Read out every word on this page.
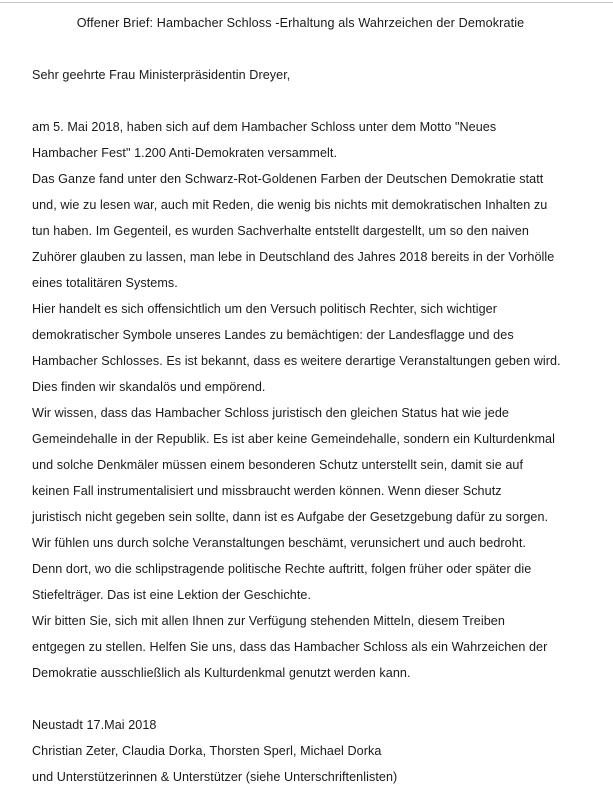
Offener Brief: Hambacher Schloss -Erhaltung als Wahrzeichen der Demokratie
Sehr geehrte Frau Ministerpräsidentin Dreyer,
am 5. Mai 2018, haben sich auf dem Hambacher Schloss unter dem Motto "Neues
Hambacher Fest" 1.200 Anti-Demokraten versammelt.
Das Ganze fand unter den Schwarz-Rot-Goldenen Farben der Deutschen Demokratie statt
und, wie zu lesen war, auch mit Reden, die wenig bis nichts mit demokratischen Inhalten zu
tun haben. Im Gegenteil, es wurden Sachverhalte entstellt dargestellt, um so den naiven
Zuhörer glauben zu lassen, man lebe in Deutschland des Jahres 2018 bereits in der Vorhölle
eines totalitären Systems.
Hier handelt es sich offensichtlich um den Versuch politisch Rechter, sich wichtiger
demokratischer Symbole unseres Landes zu bemächtigen: der Landesflagge und des
Hambacher Schlosses. Es ist bekannt, dass es weitere derartige Veranstaltungen geben wird.
Dies finden wir skandalös und empörend.
Wir wissen, dass das Hambacher Schloss juristisch den gleichen Status hat wie jede
Gemeindehalle in der Republik. Es ist aber keine Gemeindehalle, sondern ein Kulturdenkmal
und solche Denkmäler müssen einem besonderen Schutz unterstellt sein, damit sie auf
keinen Fall instrumentalisiert und missbraucht werden können. Wenn dieser Schutz
juristisch nicht gegeben sein sollte, dann ist es Aufgabe der Gesetzgebung dafür zu sorgen.
Wir fühlen uns durch solche Veranstaltungen beschämt, verunsichert und auch bedroht.
Denn dort, wo die schlipstragende politische Rechte auftritt, folgen früher oder später die
Stiefelträger. Das ist eine Lektion der Geschichte.
Wir bitten Sie, sich mit allen Ihnen zur Verfügung stehenden Mitteln, diesem Treiben
entgegen zu stellen. Helfen Sie uns, dass das Hambacher Schloss als ein Wahrzeichen der
Demokratie ausschließlich als Kulturdenkmal genutzt werden kann.
Neustadt 17.Mai 2018
Christian Zeter, Claudia Dorka, Thorsten Sperl, Michael Dorka
und Unterstützerinnen & Unterstützer (siehe Unterschriftenlisten)
